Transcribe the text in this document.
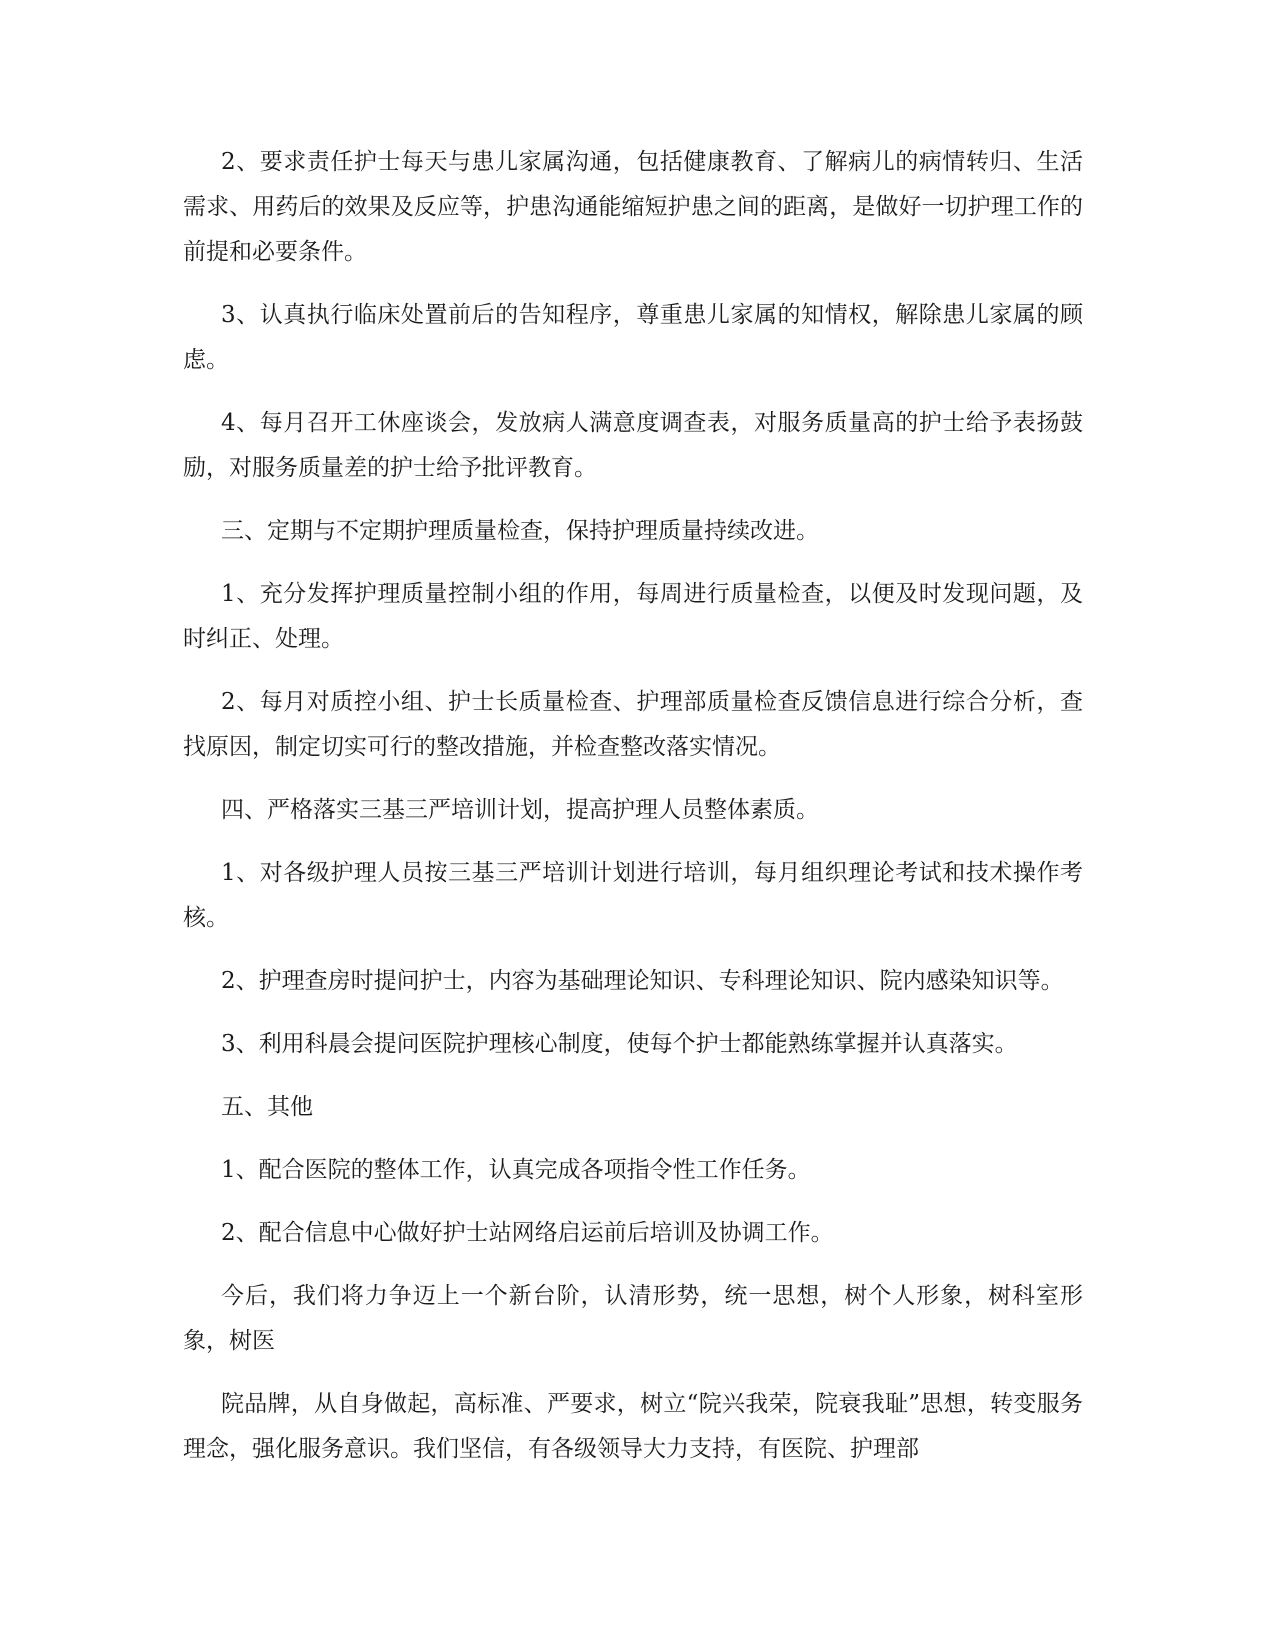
2、要求责任护士每天与患儿家属沟通，包括健康教育、了解病儿的病情转归、生活需求、用药后的效果及反应等，护患沟通能缩短护患之间的距离，是做好一切护理工作的前提和必要条件。

3、认真执行临床处置前后的告知程序，尊重患儿家属的知情权，解除患儿家属的顾虑。

4、每月召开工休座谈会，发放病人满意度调查表，对服务质量高的护士给予表扬鼓励，对服务质量差的护士给予批评教育。

三、定期与不定期护理质量检查，保持护理质量持续改进。

1、充分发挥护理质量控制小组的作用，每周进行质量检查，以便及时发现问题，及时纠正、处理。

2、每月对质控小组、护士长质量检查、护理部质量检查反馈信息进行综合分析，查找原因，制定切实可行的整改措施，并检查整改落实情况。

四、严格落实三基三严培训计划，提高护理人员整体素质。

1、对各级护理人员按三基三严培训计划进行培训，每月组织理论考试和技术操作考核。

2、护理查房时提问护士，内容为基础理论知识、专科理论知识、院内感染知识等。

3、利用科晨会提问医院护理核心制度，使每个护士都能熟练掌握并认真落实。

五、其他

1、配合医院的整体工作，认真完成各项指令性工作任务。

2、配合信息中心做好护士站网络启运前后培训及协调工作。

今后，我们将力争迈上一个新台阶，认清形势，统一思想，树个人形象，树科室形象，树医

院品牌，从自身做起，高标准、严要求，树立“院兴我荣，院衰我耻”思想，转变服务理念，强化服务意识。我们坚信，有各级领导大力支持，有医院、护理部
